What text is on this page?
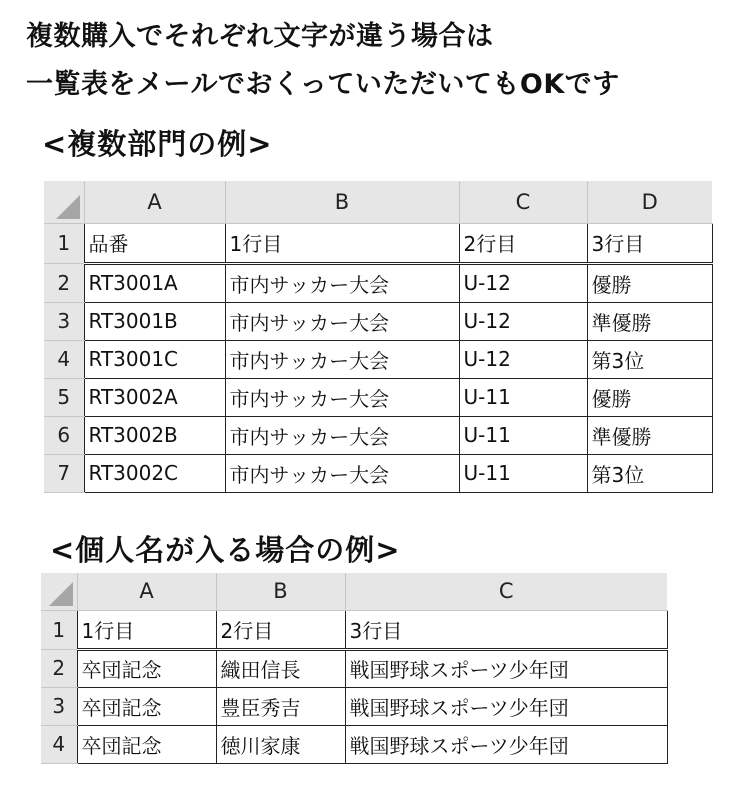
複数購入でそれぞれ文字が違う場合は
一覧表をメールでおくっていただいてもOKです
<複数部門の例>
	A	B	C	D
1	品番	1行目	2行目	3行目
2	RT3001A	市内サッカー大会	U-12	優勝
3	RT3001B	市内サッカー大会	U-12	準優勝
4	RT3001C	市内サッカー大会	U-12	第3位
5	RT3002A	市内サッカー大会	U-11	優勝
6	RT3002B	市内サッカー大会	U-11	準優勝
7	RT3002C	市内サッカー大会	U-11	第3位
<個人名が入る場合の例>
	A	B	C
1	1行目	2行目	3行目
2	卒団記念	織田信長	戦国野球スポーツ少年団
3	卒団記念	豊臣秀吉	戦国野球スポーツ少年団
4	卒団記念	徳川家康	戦国野球スポーツ少年団
